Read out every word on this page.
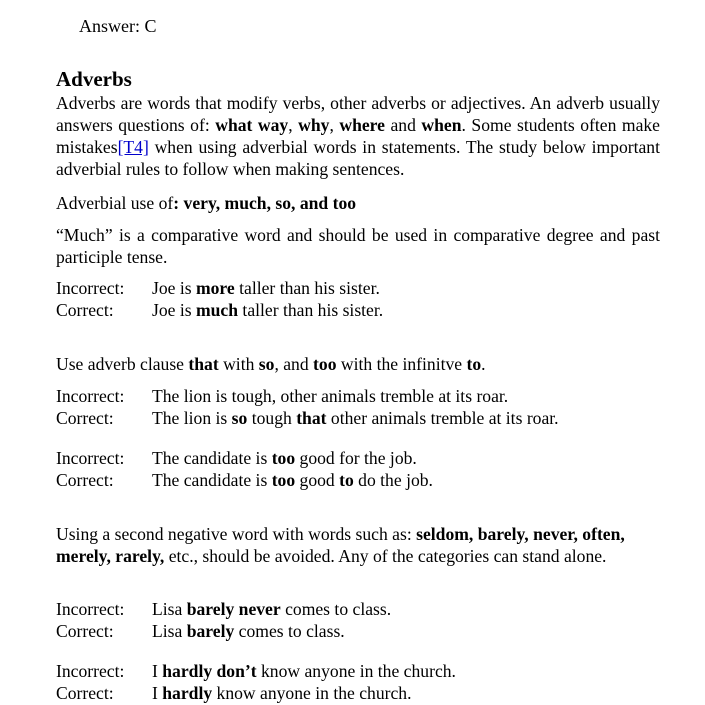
Answer: C
Adverbs
Adverbs are words that modify verbs, other adverbs or adjectives. An adverb usually answers questions of: what way, why, where and when. Some students often make mistakes[T4] when using adverbial words in statements. The study below important adverbial rules to follow when making sentences.
Adverbial use of: very, much, so, and too
“Much” is a comparative word and should be used in comparative degree and past participle tense.
Incorrect:	Joe is more taller than his sister.
Correct:	Joe is much taller than his sister.
Use adverb clause that with so, and too with the infinitve to.
Incorrect:	The lion is tough, other animals tremble at its roar.
Correct:	The lion is so tough that other animals tremble at its roar.
Incorrect:	The candidate is too good for the job.
Correct:	The candidate is too good to do the job.
Using a second negative word with words such as: seldom, barely, never, often, merely, rarely, etc., should be avoided. Any of the categories can stand alone.
Incorrect:	Lisa barely never comes to class.
Correct:	Lisa barely comes to class.
Incorrect:	I hardly don’t know anyone in the church.
Correct:	I hardly know anyone in the church.
